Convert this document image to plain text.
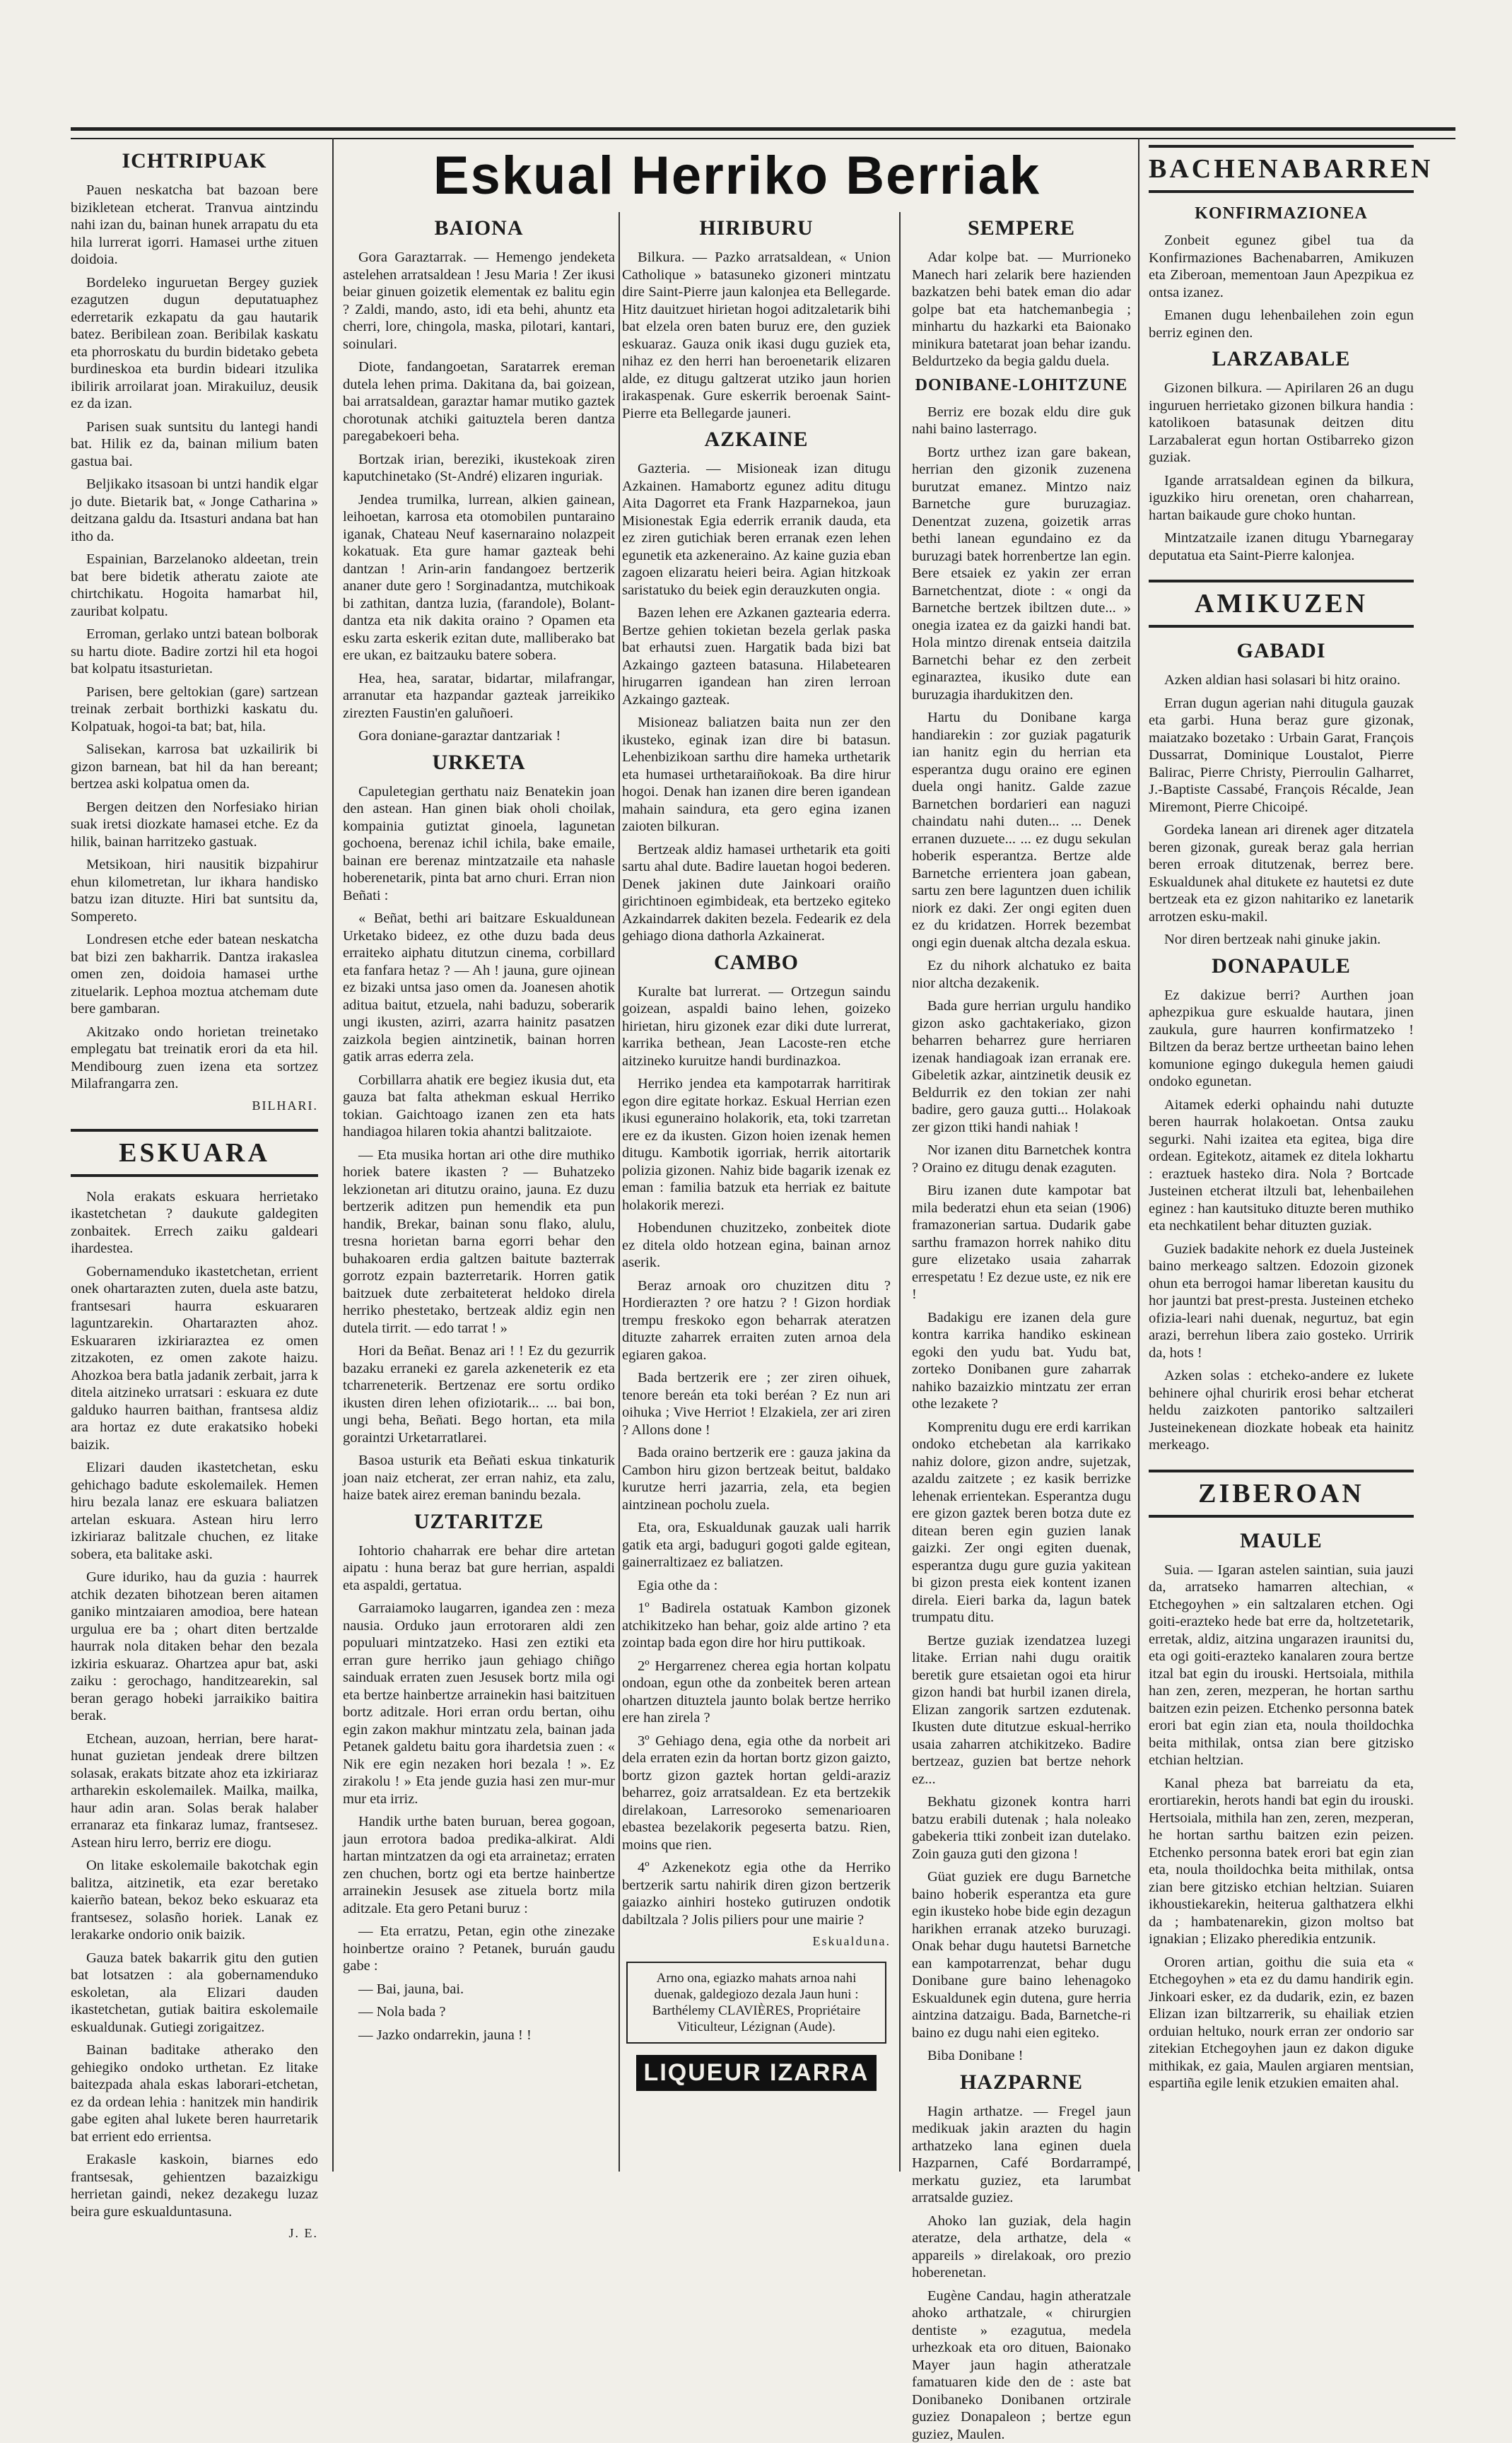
Eskual Herriko Berriak
ICHTRIPUAK

Pauen neskatcha bat bazoan bere bizikletean etcherat. Tranvua aintzindu nahi izan du, bainan hunek arrapatu du eta hila lurrerat igorri. Hamasei urthe zituen doidoia.

Bordeleko inguruetan Bergey guziek ezagutzen dugun deputatuaphez ederretarik ezkapatu da gau hautarik batez. Beribilean zoan. Beribilak kaskatu eta phorroskatu du burdin bidetako gebeta burdineskoa eta burdin bideari itzulika ibilirik arroilarat joan. Mirakuiluz, deusik ez da izan.

Parisen suak suntsitu du lantegi handi bat. Hilik ez da, bainan milium baten gastua bai.

Beljikako itsasoan bi untzi handik elgar jo dute. Bietarik bat, « Jonge Catharina » deitzana galdu da. Itsasturi andana bat han itho da.

Espainian, Barzelanoko aldeetan, trein bat bere bidetik atheratu zaiote ate chirtchikatu. Hogoita hamarbat hil, zauribat kolpatu.

Erroman, gerlako untzi batean bolborak su hartu diote. Badire zortzi hil eta hogoi bat kolpatu itsasturietan.

Parisen, bere geltokian (gare) sartzean treinak zerbait borthizki kaskatu du. Kolpatuak, hogoi-ta bat; bat, hila.

Salisekan, karrosa bat uzkailirik bi gizon barnean, bat hil da han bereant; bertzea aski kolpatua omen da.

Bergen deitzen den Norfesiako hirian suak iretsi diozkate hamasei etche. Ez da hilik, bainan harritzeko gastuak.

Metsikoan, hiri nausitik bizpahirur ehun kilometretan, lur ikhara handisko batzu izan dituzte. Hiri bat suntsitu da, Sompereto.

Londresen etche eder batean neskatcha bat bizi zen bakharrik. Dantza irakaslea omen zen, doidoia hamasei urthe zituelarik. Lephoa moztua atchemam dute bere gambaran.

Akitzako ondo horietan treinetako emplegatu bat treinatik erori da eta hil. Mendibourg zuen izena eta sortzez Milafrangarra zen.

BILHARI.
ESKUARA

Nola erakats eskuara herrietako ikastetchetan ? daukute galdegiten zonbaitek. Errech zaiku galdeari ihardestea.

Gobernamenduko ikastetchetan, errient onek ohartarazten zuten, duela aste batzu, frantsesari haurra eskuararen laguntzarekin. Ohartarazten ahoz. Eskuararen izkiriaraztea ez omen zitzakoten, ez omen zakote haizu. Ahozkoa bera batla jadanik zerbait, jarra k ditela aitzineko urratsari : eskuara ez dute galduko haurren baithan, frantsesa aldiz ara hortaz ez dute erakatsiko hobeki baizik.

Elizari dauden ikastetchetan, esku gehichago badute eskolemailek. Hemen hiru bezala lanaz ere eskuara baliatzen artelan eskuara. Astean hiru lerro izkiriaraz balitzale chuchen, ez litake sobera, eta balitake aski.

Gure iduriko, hau da guzia : haurrek atchik dezaten bihotzean beren aitamen ganiko mintzaiaren amodioa, bere hatean urgulua ere ba ; ohart diten bertzalde haurrak nola ditaken behar den bezala izkiria eskuaraz. Ohartzea apur bat, aski zaiku : gerochago, handitzearekin, sal beran gerago hobeki jarraikiko baitira berak.

Etchean, auzoan, herrian, bere harat-hunat guzietan jendeak drere biltzen solasak, erakats bitzate ahoz eta izkiriaraz artharekin eskolemailek. Mailka, mailka, haur adin aran. Solas berak halaber erranaraz eta finkaraz lumaz, frantsesez. Astean hiru lerro, berriz ere diogu.

On litake eskolemaile bakotchak egin balitza, aitzinetik, eta ezar beretako kaierño batean, bekoz beko eskuaraz eta frantsesez, solasño horiek. Lanak ez lerakarke ondorio onik baizik.

Gauza batek bakarrik gitu den gutien bat lotsatzen : ala gobernamenduko eskoletan, ala Elizari dauden ikastetchetan, gutiak baitira eskolemaile eskualdunak. Gutiegi zorigaitzez.

Bainan baditake atherako den gehiegiko ondoko urthetan. Ez litake baitezpada ahala eskas laborari-etchetan, ez da ordean lehia : hanitzek min handirik gabe egiten ahal lukete beren haurretarik bat errient edo errientsa.

Erakasle kaskoin, biarnes edo frantsesak, gehientzen bazaizkigu herrietan gaindi, nekez dezakegu luzaz beira gure eskualduntasuna.

J. E.
BAIONA

Gora Garaztarrak. — Hemengo jendeketa astelehen arratsaldean ! Jesu Maria ! Zer ikusi beiar ginuen goizetik elementak ez balitu egin ? Zaldi, mando, asto, idi eta behi, ahuntz eta cherri, lore, chingola, maska, pilotari, kantari, soinulari.

Diote, fandangoetan, Saratarrek ereman dutela lehen prima. Dakitana da, bai goizean, bai arratsaldean, garaztar hamar mutiko gaztek chorotunak atchiki gaituztela beren dantza paregabekoeri beha.

Bortzak irian, bereziki, ikustekoak ziren kaputchinetako (St-André) elizaren inguriak.

Jendea trumilka, lurrean, alkien gainean, leihoetan, karrosa eta otomobilen puntaraino iganak, Chateau Neuf kasernaraino nolazpeit kokatuak. Eta gure hamar gazteak behi dantzan ! Arin-arin fandangoez bertzerik ananer dute gero ! Sorginadantza, mutchikoak bi zathitan, dantza luzia, (farandole), Bolant-dantza eta nik dakita oraino ? Opamen eta esku zarta eskerik ezitan dute, malliberako bat ere ukan, ez baitzauku batere sobera.

Hea, hea, saratar, bidartar, milafrangar, arranutar eta hazpandar gazteak jarreikiko zirezten Faustin'en galuñoeri.

Gora doniane-garaztar dantzariak !

URKETA

Capuletegian gerthatu naiz Benatekin joan den astean. Han ginen biak oholi choilak, kompainia gutiztat ginoela, lagunetan gochoena, berenaz ichil ichila, bake emaile, bainan ere berenaz mintzatzaile eta nahasle hoberenetarik, pinta bat arno churi. Erran nion Beñati :

« Beñat, bethi ari baitzare Eskualdunean Urketako bideez, ez othe duzu bada deus erraiteko aiphatu ditutzun cinema, corbillard eta fanfara hetaz ? — Ah ! jauna, gure ojinean ez bizaki untsa jaso omen da. Joanesen ahotik aditua baitut, etzuela, nahi baduzu, soberarik ungi ikusten, azirri, azarra hainitz pasatzen zaizkola begien aintzinetik, bainan horren gatik arras ederra zela.

Corbillarra ahatik ere begiez ikusia dut, eta gauza bat falta athekman eskual Herriko tokian. Gaichtoago izanen zen eta hats handiagoa hilaren tokia ahantzi balitzaiote.

— Eta musika hortan ari othe dire muthiko horiek batere ikasten ? — Buhatzeko lekzionetan ari ditutzu oraino, jauna. Ez duzu bertzerik aditzen pun hemendik eta pun handik, Brekar, bainan sonu flako, alulu, tresna horietan barna egorri behar den buhakoaren erdia galtzen baitute bazterrak gorrotz ezpain bazterretarik. Horren gatik baitzuek dute zerbaiteterat heldoko direla herriko phestetako, bertzeak aldiz egin nen dutela tirrit. — edo tarrat ! »

Hori da Beñat. Benaz ari ! ! Ez du gezurrik bazaku erraneki ez garela azkeneterik ez eta tcharreneterik. Bertzenaz ere sortu ordiko ikusten diren lehen ofiziotarik... ... bai bon, ungi beha, Beñati. Bego hortan, eta mila goraintzi Urketarratlarei.

Basoa usturik eta Beñati eskua tinkaturik joan naiz etcherat, zer erran nahiz, eta zalu, haize batek airez ereman banindu bezala.

UZTARITZE

Iohtorio chaharrak ere behar dire artetan aipatu : huna beraz bat gure herrian, aspaldi eta aspaldi, gertatua.

Garraiamoko laugarren, igandea zen : meza nausia. Orduko jaun errotoraren aldi zen populuari mintzatzeko. Hasi zen eztiki eta erran gure herriko jaun gehiago chiñgo sainduak erraten zuen Jesusek bortz mila ogi eta bertze hainbertze arrainekin hasi baitzituen bortz aditzale. Hori erran ordu bertan, oihu egin zakon makhur mintzatu zela, bainan jada Petanek galdetu baitu gora ihardetsia zuen : « Nik ere egin nezaken hori bezala ! ». Ez zirakolu ! » Eta jende guzia hasi zen mur-mur mur eta irriz.

Handik urthe baten buruan, berea gogoan, jaun errotora badoa predika-alkirat. Aldi hartan mintzatzen da ogi eta arrainetaz; erraten zen chuchen, bortz ogi eta bertze hainbertze arrainekin Jesusek ase zituela bortz mila aditzale. Eta gero Petani buruz :

— Eta erratzu, Petan, egin othe zinezake hoinbertze oraino ? Petanek, buruán gaudu gabe :

— Bai, jauna, bai.

— Nola bada ?

— Jazko ondarrekin, jauna ! !

HIRIBURU

Bilkura. — Pazko arratsaldean, « Union Catholique » batasuneko gizoneri mintzatu dire Saint-Pierre jaun kalonjea eta Bellegarde. Hitz dauitzuet hirietan hogoi aditzaletarik bihi bat elzela oren baten buruz ere, den guziek eskuaraz. Gauza onik ikasi dugu guziek eta, nihaz ez den herri han beroenetarik elizaren alde, ez ditugu galtzerat utziko jaun horien irakaspenak. Gure eskerrik beroenak Saint-Pierre eta Bellegarde jauneri.

AZKAINE

Gazteria. — Misioneak izan ditugu Azkainen. Hamabortz egunez aditu ditugu Aita Dagorret eta Frank Hazparnekoa, jaun Misionestak Egia ederrik erranik dauda, eta ez ziren gutichiak beren erranak ezen lehen egunetik eta azkeneraino. Az kaine guzia eban zagoen elizaratu heieri beira. Agian hitzkoak saristatuko du beiek egin derauzkuten ongia.

Bazen lehen ere Azkanen gaztearia ederra. Bertze gehien tokietan bezela gerlak paska bat erhautsi zuen. Hargatik bada bizi bat Azkaingo gazteen batasuna. Hilabetearen hirugarren igandean han ziren lerroan Azkaingo gazteak.

Misioneaz baliatzen baita nun zer den ikusteko, eginak izan dire bi batasun. Lehenbizikoan sarthu dire hameka urthetarik eta humasei urthetaraiñokoak. Ba dire hirur hogoi. Denak han izanen dire beren igandean mahain saindura, eta gero egina izanen zaioten bilkuran.

Bertzeak aldiz hamasei urthetarik eta goiti sartu ahal dute. Badire lauetan hogoi bederen. Denek jakinen dute Jainkoari oraiño girichtinoen egimbideak, eta bertzeko egiteko Azkaindarrek dakiten bezela. Fedearik ez dela gehiago diona dathorla Azkainerat.

CAMBO

Kuralte bat lurrerat. — Ortzegun saindu goizean, aspaldi baino lehen, goizeko hirietan, hiru gizonek ezar diki dute lurrerat, karrika bethean, Jean Lacoste-ren etche aitzineko kuruitze handi burdinazkoa.

Herriko jendea eta kampotarrak harritirak egon dire egitate horkaz. Eskual Herrian ezen ikusi eguneraino holakorik, eta, toki tzarretan ere ez da ikusten. Gizon hoien izenak hemen ditugu. Kambotik igorriak, herrik aitortarik polizia gizonen. Nahiz bide bagarik izenak ez eman : familia batzuk eta herriak ez baitute holakorik merezi.

Hobendunen chuzitzeko, zonbeitek diote ez ditela oldo hotzean egina, bainan arnoz aserik.

Beraz arnoak oro chuzitzen ditu ? Hordierazten ? ore hatzu ? ! Gizon hordiak trempu freskoko egon beharrak ateratzen dituzte zaharrek erraiten zuten arnoa dela egiaren gakoa.

Bada bertzerik ere ; zer ziren oihuek, tenore bereán eta toki beréan ? Ez nun ari oihuka ; Vive Herriot ! Elzakiela, zer ari ziren ? Allons done !

Bada oraino bertzerik ere : gauza jakina da Cambon hiru gizon bertzeak beitut, baldako kurutze herri jazarria, zela, eta begien aintzinean pocholu zuela.

Eta, ora, Eskualdunak gauzak uali harrik gatik eta argi, baduguri gogoti galde egitean, gainerraltizaez ez baliatzen.

Egia othe da :

1º Badirela ostatuak Kambon gizonek atchikitzeko han behar, goiz alde artino ? eta zointap bada egon dire hor hiru puttikoak.

2º Hergarrenez cherea egia hortan kolpatu ondoan, egun othe da zonbeitek beren artean ohartzen dituztela jaunto bolak bertze herriko ere han zirela ?

3º Gehiago dena, egia othe da norbeit ari dela erraten ezin da hortan bortz gizon gaizto, bortz gizon gaztek hortan geldi-araziz beharrez, goiz arratsaldean. Ez eta bertzekik direlakoan, Larresoroko semenarioaren ebastea bezelakorik pegeserta batzu. Rien, moins que rien.

4º Azkenekotz egia othe da Herriko bertzerik sartu nahirik diren gizon bertzerik gaiazko ainhiri hosteko gutiruzen ondotik dabiltzala ? Jolis piliers pour une mairie ?

Eskualduna.
Arno ona, egiazko mahats arnoa nahi duenak, galdegiozo dezala Jaun huni : Barthélemy CLAVIÈRES, Propriétaire Viticulteur, Lézignan (Aude).
LIQUEUR IZARRA
SEMPERE

Adar kolpe bat. — Murrioneko Manech hari zelarik bere hazienden bazkatzen behi batek eman dio adar golpe bat eta hatchemanbegia ; minhartu du hazkarki eta Baionako minikura batetarat joan behar izandu. Beldurtzeko da begia galdu duela.

DONIBANE-LOHITZUNE

Berriz ere bozak eldu dire guk nahi baino lasterrago.

Bortz urthez izan gare bakean, herrian den gizonik zuzenena burutzat emanez. Mintzo naiz Barnetche gure buruzagiaz. Denentzat zuzena, goizetik arras bethi lanean egundaino ez da buruzagi batek horrenbertze lan egin. Bere etsaiek ez yakin zer erran Barnetchentzat, diote : « ongi da Barnetche bertzek ibiltzen dute... » onegia izatea ez da gaizki handi bat. Hola mintzo direnak entseia daitzila Barnetchi behar ez den zerbeit eginaraztea, ikusiko dute ean buruzagia ihardukitzen den.

Hartu du Donibane karga handiarekin : zor guziak pagaturik ian hanitz egin du herrian eta esperantza dugu oraino ere eginen duela ongi hanitz. Galde zazue Barnetchen bordarieri ean naguzi chaindatu nahi duten... ... Denek erranen duzuete... ... ez dugu sekulan hoberik esperantza. Bertze alde Barnetche errientera joan gabean, sartu zen bere laguntzen duen ichilik niork ez daki. Zer ongi egiten duen ez du kridatzen. Horrek bezembat ongi egin duenak altcha dezala eskua.

Ez du nihork alchatuko ez baita nior altcha dezakenik.

Bada gure herrian urgulu handiko gizon asko gachtakeriako, gizon beharren beharrez gure herriaren izenak handiagoak izan erranak ere. Gibeletik azkar, aintzinetik deusik ez Beldurrik ez den tokian zer nahi badire, gero gauza gutti... Holakoak zer gizon ttiki handi nahiak !

Nor izanen ditu Barnetchek kontra ? Oraino ez ditugu denak ezaguten.

Biru izanen dute kampotar bat mila bederatzi ehun eta seian (1906) framazonerian sartua. Dudarik gabe sarthu framazon horrek nahiko ditu gure elizetako usaia zaharrak errespetatu ! Ez dezue uste, ez nik ere !

Badakigu ere izanen dela gure kontra karrika handiko eskinean egoki den yudu bat. Yudu bat, zorteko Donibanen gure zaharrak nahiko bazaizkio mintzatu zer erran othe lezakete ?

Komprenitu dugu ere erdi karrikan ondoko etchebetan ala karrikako nahiz dolore, gizon andre, sujetzak, azaldu zaitzete ; ez kasik berrizke lehenak errientekan. Esperantza dugu ere gizon gaztek beren botza dute ez ditean beren egin guzien lanak gaizki. Zer ongi egiten duenak, esperantza dugu gure guzia yakitean bi gizon presta eiek kontent izanen direla. Eieri barka da, lagun batek trumpatu ditu.

Bertze guziak izendatzea luzegi litake. Errian nahi dugu oraitik beretik gure etsaietan ogoi eta hirur gizon handi bat hurbil izanen direla, Elizan zangorik sartzen ezdutenak. Ikusten dute ditutzue eskual-herriko usaia zaharren atchikitzeko. Badire bertzeaz, guzien bat bertze nehork ez...

Bekhatu gizonek kontra harri batzu erabili dutenak ; hala noleako gabekeria ttiki zonbeit izan dutelako. Zoin gauza guti den gizona !

Güat guziek ere dugu Barnetche baino hoberik esperantza eta gure egin ikusteko hobe bide egin dezagun harikhen erranak atzeko buruzagi. Onak behar dugu hautetsi Barnetche ean kampotarrenzat, behar dugu Donibane gure baino lehenagoko Eskualdunek egin dutena, gure herria aintzina datzaigu. Bada, Barnetche-ri baino ez dugu nahi eien egiteko.

Biba Donibane !

HAZPARNE

Hagin arthatze. — Fregel jaun medikuak jakin arazten du hagin arthatzeko lana eginen duela Hazparnen, Café Bordarrampé, merkatu guziez, eta larumbat arratsalde guziez.

Ahoko lan guziak, dela hagin ateratze, dela arthatze, dela « appareils » direlakoak, oro prezio hoberenetan.

Eugène Candau, hagin atheratzale ahoko arthatzale, « chirurgien dentiste » ezagutua, medela urhezkoak eta oro dituen, Baionako Mayer jaun hagin atheratzale famatuaren kide den de : aste bat Donibaneko Donibanen ortzirale guziez Donapaleon ; bertze egun guziez, Maulen.

BACHENABARREN
KONFIRMAZIONEA

Zonbeit egunez gibel tua da Konfirmaziones Bachenabarren, Amikuzen eta Ziberoan, mementoan Jaun Apezpikua ez ontsa izanez.

Emanen dugu lehenbailehen zoin egun berriz eginen den.

LARZABALE

Gizonen bilkura. — Apirilaren 26 an dugu inguruen herrietako gizonen bilkura handia : katolikoen batasunak deitzen ditu Larzabalerat egun hortan Ostibarreko gizon guziak.

Igande arratsaldean eginen da bilkura, iguzkiko hiru orenetan, oren chaharrean, hartan baikaude gure choko huntan.

Mintzatzaile izanen ditugu Ybarnegaray deputatua eta Saint-Pierre kalonjea.

AMIKUZEN
GABADI

Azken aldian hasi solasari bi hitz oraino.

Erran dugun agerian nahi ditugula gauzak eta garbi. Huna beraz gure gizonak, maiatzako bozetako : Urbain Garat, François Dussarrat, Dominique Loustalot, Pierre Balirac, Pierre Christy, Pierroulin Galharret, J.-Baptiste Cassabé, François Récalde, Jean Miremont, Pierre Chicoipé.

Gordeka lanean ari direnek ager ditzatela beren gizonak, gureak beraz gala herrian beren erroak ditutzenak, berrez bere. Eskualdunek ahal ditukete ez hautetsi ez dute bertzeak eta ez gizon nahitariko ez lanetarik arrotzen esku-makil.

Nor diren bertzeak nahi ginuke jakin.

DONAPAULE

Ez dakizue berri? Aurthen joan aphezpikua gure eskualde hautara, jinen zaukula, gure haurren konfirmatzeko ! Biltzen da beraz bertze urtheetan baino lehen komunione egingo dukegula hemen gaiudi ondoko egunetan.

Aitamek ederki ophaindu nahi dutuzte beren haurrak holakoetan. Ontsa zauku segurki. Nahi izaitea eta egitea, biga dire ordean. Egitekotz, aitamek ez ditela lokhartu : eraztuek hasteko dira. Nola ? Bortcade Justeinen etcherat iltzuli bat, lehenbailehen eginez : han kautsituko dituzte beren muthiko eta nechkatilent behar dituzten guziak.

Guziek badakite nehork ez duela Justeinek baino merkeago saltzen. Edozoin gizonek ohun eta berrogoi hamar liberetan kausitu du hor jauntzi bat prest-presta. Justeinen etcheko ofizia-leari nahi duenak, negurtuz, bat egin arazi, berrehun libera zaio gosteko. Urririk da, hots !

Azken solas : etcheko-andere ez lukete behinere ojhal churirik erosi behar etcherat heldu zaizkoten pantoriko saltzaileri Justeinekenean diozkate hobeak eta hainitz merkeago.

ZIBEROAN
MAULE

Suia. — Igaran astelen saintian, suia jauzi da, arratseko hamarren altechian, « Etchegoyhen » ein saltzalaren etchen. Ogi goiti-eraztekо hede bat erre da, holtzetetarik, erretak, aldiz, aitzina ungarazen iraunitsi du, eta ogi goiti-eraztekо kanalaren zoura bertze itzal bat egin du irouski. Hertsoiala, mithila han zen, zeren, mezperan, he hortan sarthu baitzen ezin peizen. Etchenko personna batek erori bat egin zian eta, noula thoildochka beita mithilak, ontsa zian bere gitzisko etchian heltzian.

Kanal pheza bat barreiatu da eta, erortiarekin, herots handi bat egin du irouski. Hertsoiala, mithila han zen, zeren, mezperan, he hortan sarthu baitzen ezin peizen. Etchenko personna batek erori bat egin zian eta, noula thoildochka beita mithilak, ontsa zian bere gitzisko etchian heltzian. Suiaren ikhoustiekarekin, heiterua galthatzera elkhi da ; hambatenarekin, gizon moltso bat ignakian ; Elizako pheredikia entzunik.

Ororen artian, goithu die suia eta « Etchegoyhen » eta ez du damu handirik egin. Jinkoari esker, ez da dudarik, ezin, ez bazen Elizan izan biltzarrerik, su ehailiak etzien orduian heltuko, nourk erran zer ondorio sar zitekian Etchegoyhen jaun ez dakon diguke mithikak, ez gaia, Maulen argiaren mentsian, espartiña egile lenik etzukien emaiten ahal.
